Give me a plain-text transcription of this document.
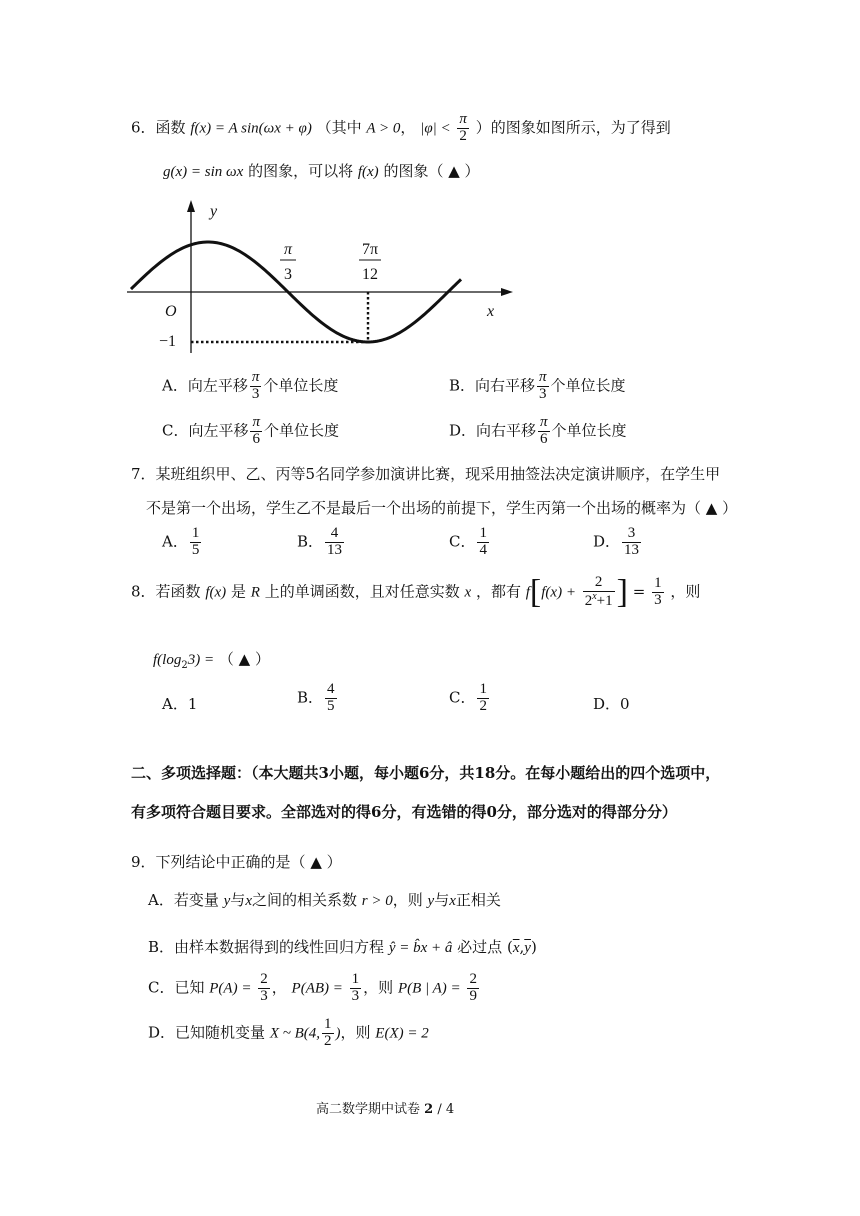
6．函数 f(x) = A sin(ωx + φ) （其中 A > 0， $|\varphi| < \frac{\pi}{2}$ ）的图象如图所示，为了得到
g(x) = sin ωx 的图象，可以将 f(x) 的图象（ ▲ ）
y
x
O
−1
π
3
7π
12
A．向左平移 $\frac{\pi}{3}$ 个单位长度	B．向右平移 $\frac{\pi}{3}$ 个单位长度
C．向左平移 $\frac{\pi}{6}$ 个单位长度	D．向右平移 $\frac{\pi}{6}$ 个单位长度
7．某班组织甲、乙、丙等5名同学参加演讲比赛，现采用抽签法决定演讲顺序，在学生甲
不是第一个出场，学生乙不是最后一个出场的前提下，学生丙第一个出场的概率为（ ▲ ）
A． $\frac{1}{5}$	B． $\frac{4}{13}$	C． $\frac{1}{4}$	D． $\frac{3}{13}$
8．若函数 f(x) 是 R 上的单调函数，且对任意实数 x ，都有 $f[f(x) + \frac{2}{2^x+1}$ ] = $\frac{1}{3}$ ，则
$f(\log_23)$ = （ ▲ ）
A．1	B． $\frac{4}{5}$	C． $\frac{1}{2}$	D．0
二、多项选择题：（本大题共3小题，每小题6分，共18分。在每小题给出的四个选项中，
有多项符合题目要求。全部选对的得6分，有选错的得0分，部分选对的得部分分）
9．下列结论中正确的是（ ▲ ）
A．若变量 y与x之间的相关系数 r > 0，则 y与x正相关
B．由样本数据得到的线性回归方程 ŷ = b̂x + â 必过点 $(\overline{x},\overline{y})$
C．已知 $P(A) = \frac{2}{3}$ ， $P(AB) = \frac{1}{3}$ ，则 P(B | $A) = \frac{2}{9}$
D．已知随机变量 X ~ B(4, $\frac{1}{2}$ )，则 E(X) = 2
高二数学期中试卷 2 / 4
